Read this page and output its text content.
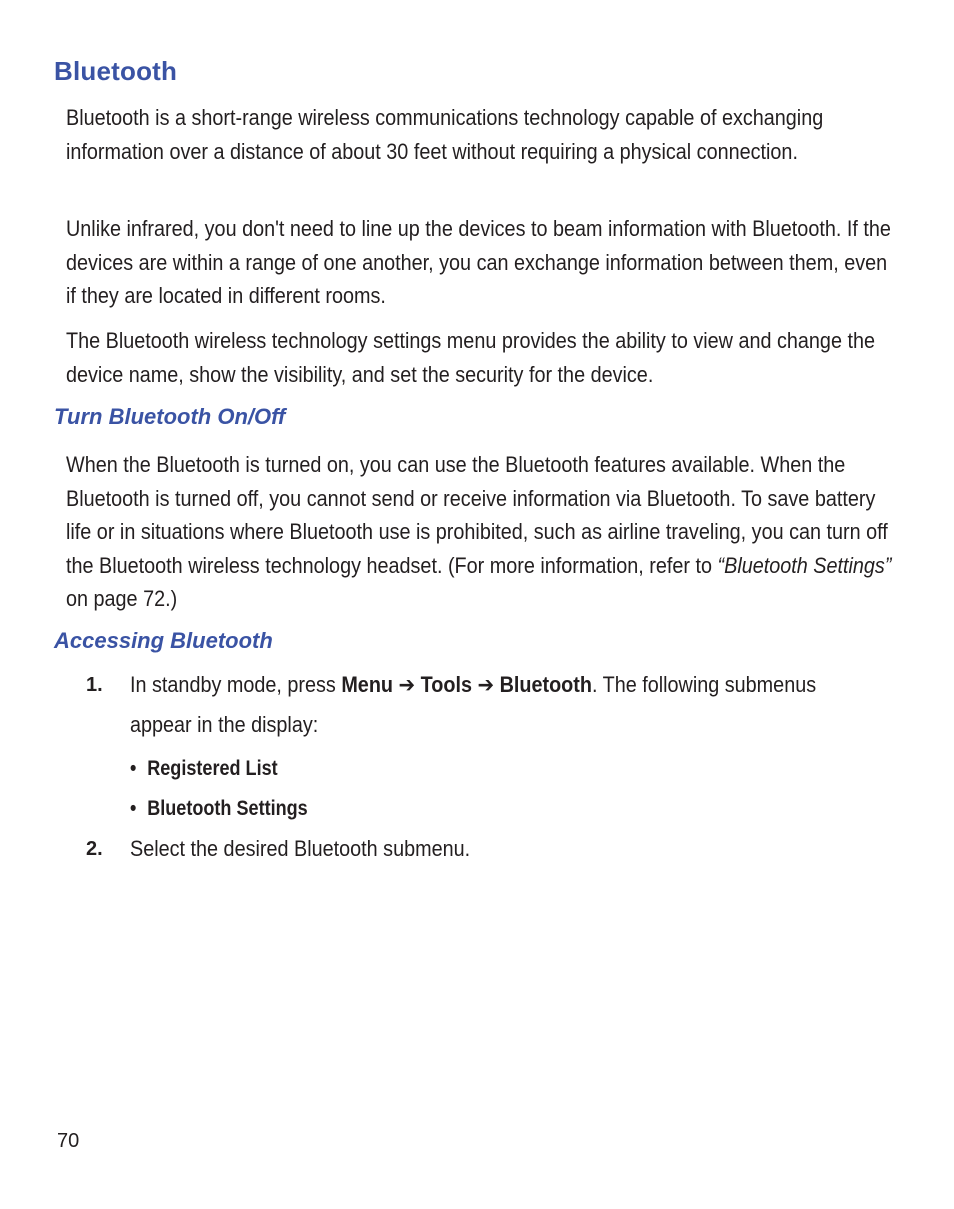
Bluetooth
Bluetooth is a short-range wireless communications technology capable of exchanging information over a distance of about 30 feet without requiring a physical connection.
Unlike infrared, you don't need to line up the devices to beam information with Bluetooth. If the devices are within a range of one another, you can exchange information between them, even if they are located in different rooms.
The Bluetooth wireless technology settings menu provides the ability to view and change the device name, show the visibility, and set the security for the device.
Turn Bluetooth On/Off
When the Bluetooth is turned on, you can use the Bluetooth features available. When the Bluetooth is turned off, you cannot send or receive information via Bluetooth. To save battery life or in situations where Bluetooth use is prohibited, such as airline traveling, you can turn off the Bluetooth wireless technology headset. (For more information, refer to “Bluetooth Settings” on page 72.)
Accessing Bluetooth
1. In standby mode, press Menu ➔ Tools ➔ Bluetooth. The following submenus appear in the display:
• Registered List
• Bluetooth Settings
2. Select the desired Bluetooth submenu.
70
